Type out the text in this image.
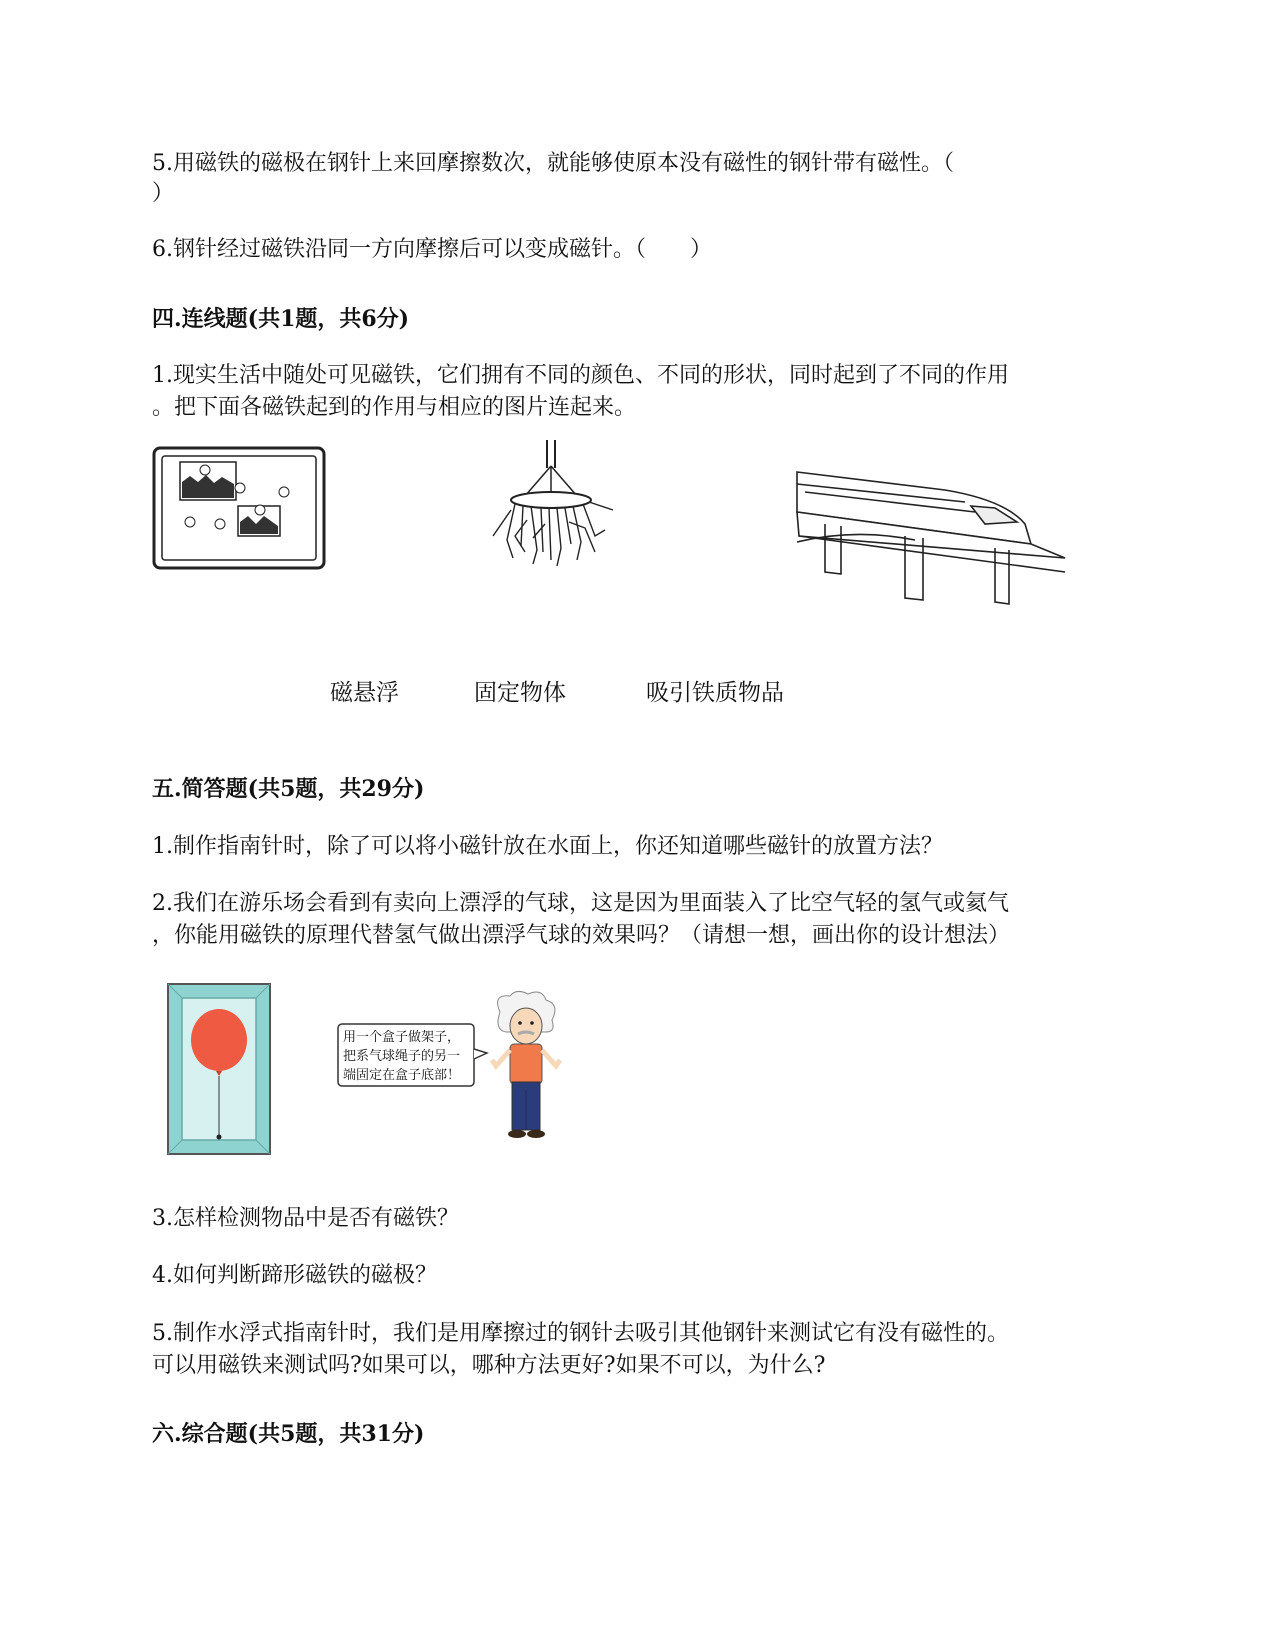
5.用磁铁的磁极在钢针上来回摩擦数次，就能够使原本没有磁性的钢针带有磁性。（
）
6.钢针经过磁铁沿同一方向摩擦后可以变成磁针。（　　）
四.连线题(共1题，共6分)
1.现实生活中随处可见磁铁，它们拥有不同的颜色、不同的形状，同时起到了不同的作用
。把下面各磁铁起到的作用与相应的图片连起来。
磁悬浮	固定物体	吸引铁质物品
五.简答题(共5题，共29分)
1.制作指南针时，除了可以将小磁针放在水面上，你还知道哪些磁针的放置方法？
2.我们在游乐场会看到有卖向上漂浮的气球，这是因为里面装入了比空气轻的氢气或氦气
，你能用磁铁的原理代替氢气做出漂浮气球的效果吗？（请想一想，画出你的设计想法）
用一个盒子做架子，
把系气球绳子的另一
端固定在盒子底部！
3.怎样检测物品中是否有磁铁？
4.如何判断蹄形磁铁的磁极？
5.制作水浮式指南针时，我们是用摩擦过的钢针去吸引其他钢针来测试它有没有磁性的。
可以用磁铁来测试吗?如果可以，哪种方法更好?如果不可以，为什么?
六.综合题(共5题，共31分)
